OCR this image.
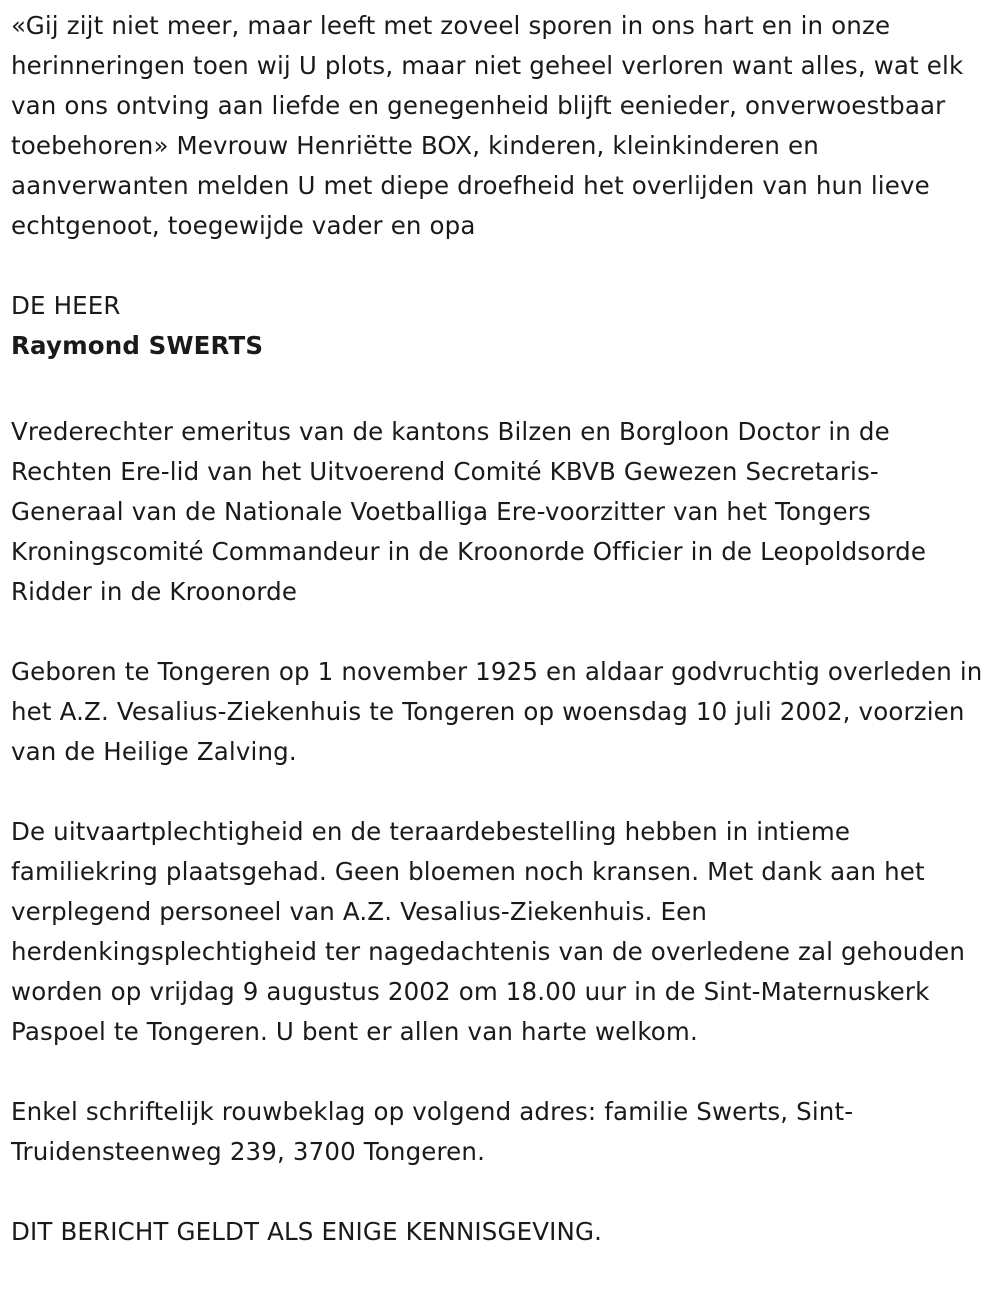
«Gij zijt niet meer, maar leeft met zoveel sporen in ons hart en in onze herinneringen toen wij U plots, maar niet geheel verloren want alles, wat elk van ons ontving aan liefde en genegenheid blijft eenieder, onverwoestbaar toebehoren» Mevrouw Henriëtte BOX, kinderen, kleinkinderen en aanverwanten melden U met diepe droefheid het overlijden van hun lieve echtgenoot, toegewijde vader en opa

DE HEER

Raymond SWERTS

Vrederechter emeritus van de kantons Bilzen en Borgloon Doctor in de Rechten Ere-lid van het Uitvoerend Comité KBVB Gewezen Secretaris-Generaal van de Nationale Voetballiga Ere-voorzitter van het Tongers Kroningscomité Commandeur in de Kroonorde Officier in de Leopoldsorde Ridder in de Kroonorde

Geboren te Tongeren op 1 november 1925 en aldaar godvruchtig overleden in het A.Z. Vesalius-Ziekenhuis te Tongeren op woensdag 10 juli 2002, voorzien van de Heilige Zalving.

De uitvaartplechtigheid en de teraardebestelling hebben in intieme familiekring plaatsgehad. Geen bloemen noch kransen. Met dank aan het verplegend personeel van A.Z. Vesalius-Ziekenhuis. Een herdenkingsplechtigheid ter nagedachtenis van de overledene zal gehouden worden op vrijdag 9 augustus 2002 om 18.00 uur in de Sint-Maternuskerk Paspoel te Tongeren. U bent er allen van harte welkom.

Enkel schriftelijk rouwbeklag op volgend adres: familie Swerts, Sint-Truidensteenweg 239, 3700 Tongeren.

DIT BERICHT GELDT ALS ENIGE KENNISGEVING.
